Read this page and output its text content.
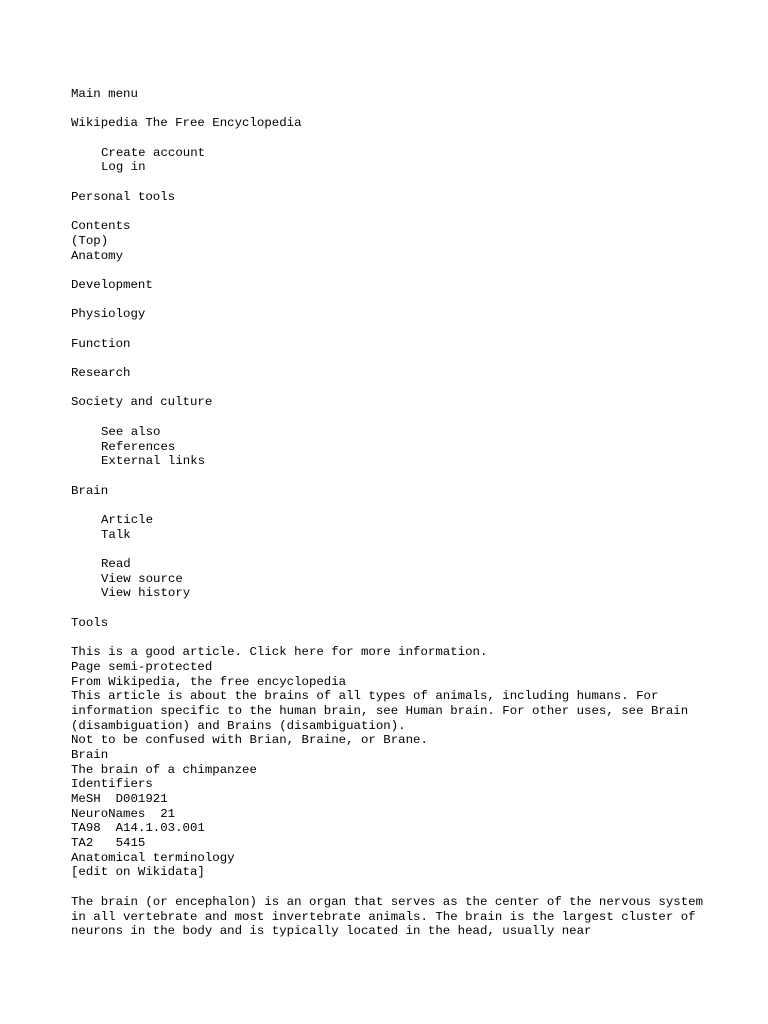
Main menu
Wikipedia The Free Encyclopedia
Create account
Log in
Personal tools
Contents
(Top)
Anatomy
Development
Physiology
Function
Research
Society and culture
See also
References
External links
Brain
Article
Talk
Read
View source
View history
Tools
This is a good article. Click here for more information.
Page semi-protected
From Wikipedia, the free encyclopedia
This article is about the brains of all types of animals, including humans. For information specific to the human brain, see Human brain. For other uses, see Brain (disambiguation) and Brains (disambiguation).
Not to be confused with Brian, Braine, or Brane.
Brain
The brain of a chimpanzee
Identifiers
MeSH  D001921
NeuroNames  21
TA98  A14.1.03.001
TA2   5415
Anatomical terminology
[edit on Wikidata]
The brain (or encephalon) is an organ that serves as the center of the nervous system in all vertebrate and most invertebrate animals. The brain is the largest cluster of neurons in the body and is typically located in the head, usually near
